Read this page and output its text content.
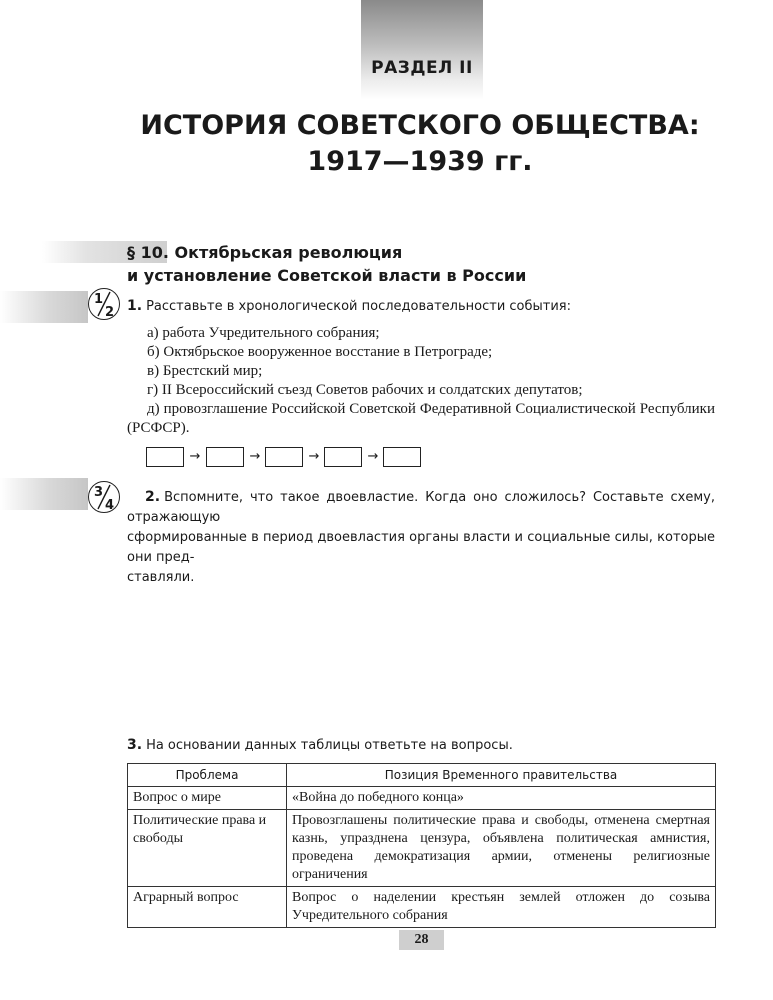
РАЗДЕЛ II
ИСТОРИЯ СОВЕТСКОГО ОБЩЕСТВА:
1917—1939 гг.
§ 10. Октябрьская революция
и установление Советской власти в России
1
2 1. Расставьте в хронологической последовательности события:
а) работа Учредительного собрания;
б) Октябрьское вооруженное восстание в Петрограде;
в) Брестский мир;
г) II Всероссийский съезд Советов рабочих и солдатских депутатов;
д) провозглашение Российской Советской Федеративной Социалистической Республики (РСФСР).
→	→	→	→
3
4
2. Вспомните, что такое двоевластие. Когда оно сложилось? Составьте схему, отражающую
сформированные в период двоевластия органы власти и социальные силы, которые они пред-
ставляли.
3. На основании данных таблицы ответьте на вопросы.
Проблема	Позиция Временного правительства
Вопрос о мире	«Война до победного конца»
Политические права и свободы	Провозглашены политические права и свободы, отменена смертная казнь, упразднена цензура, объявлена политическая амнистия, проведена демократизация армии, отменены религиозные ограничения
Аграрный вопрос	Вопрос о наделении крестьян землей отложен до созыва Учредительного собрания
28
